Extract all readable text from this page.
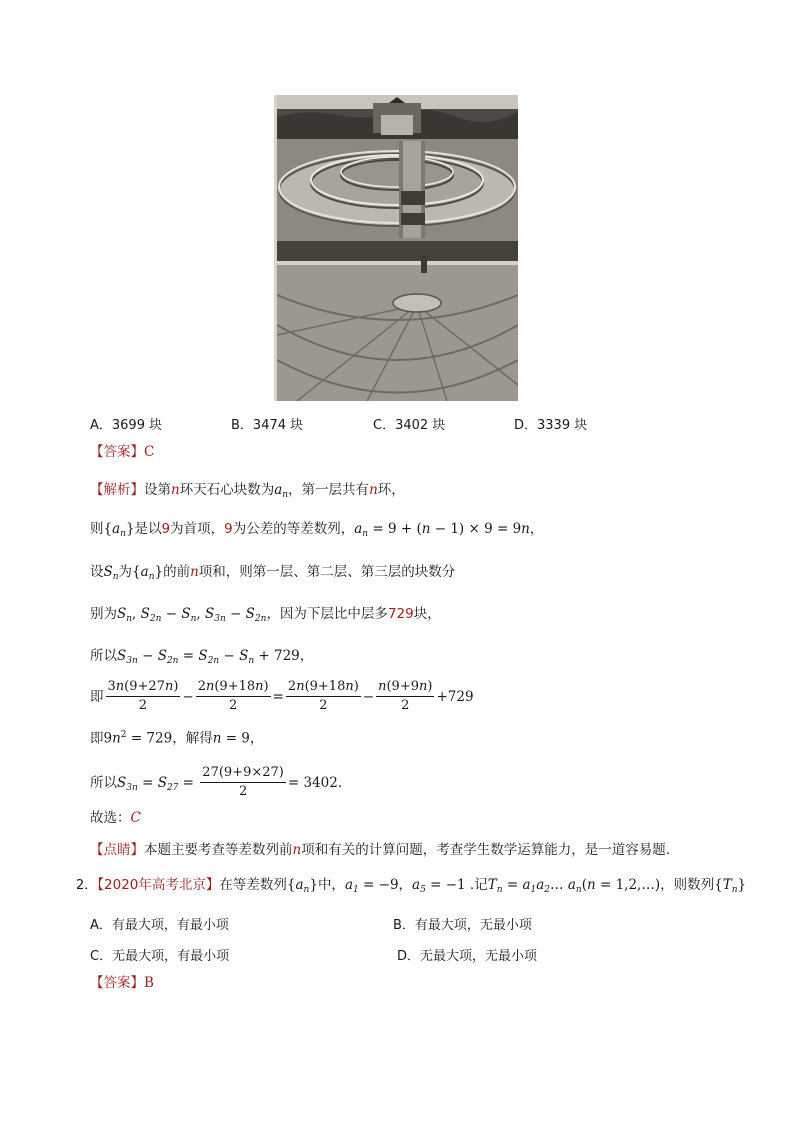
A．3699 块	B．3474 块	C．3402 块	D．3339 块
【答案】C
【解析】设第n环天石心块数为$a_n$，第一层共有n环，
则$\{a_n\}$是以9为首项，9为公差的等差数列，$a_n = 9 + (n - 1) \times 9 = 9n$，
设$S_n$为$\{a_n\}$的前n项和，则第一层、第二层、第三层的块数分
别为$S_n$, $S_{2n} - S_n$, $S_{3n} - S_{2n}$，因为下层比中层多729块，
所以$S_{3n} - S_{2n} = S_{2n} - S_n + 729$，
即 $\frac{3n(9+27n)}{2} - \frac{2n(9+18n)}{2} = \frac{2n(9+18n)}{2} - \frac{n(9+9n)}{2} +729$
即$9n^2 = 729$，解得n = 9，
所以$S_{3n} = S_{27} = \frac{27(9+9\times 27)}{2} = 3402$.
故选：C
【点睛】本题主要考查等差数列前n项和有关的计算问题，考查学生数学运算能力，是一道容易题.
2．【2020年高考北京】在等差数列$\{a_n\}$中，$a_1 = -9$，$a_5 = -1$ .记$T_n$ = $a_1a_2\dots$ $a_n(n$ = 1,2,…)，则数列$\{T_n\}$
A．有最大项，有最小项	B．有最大项，无最小项
C．无最大项，有最小项	D．无最大项，无最小项
【答案】B
